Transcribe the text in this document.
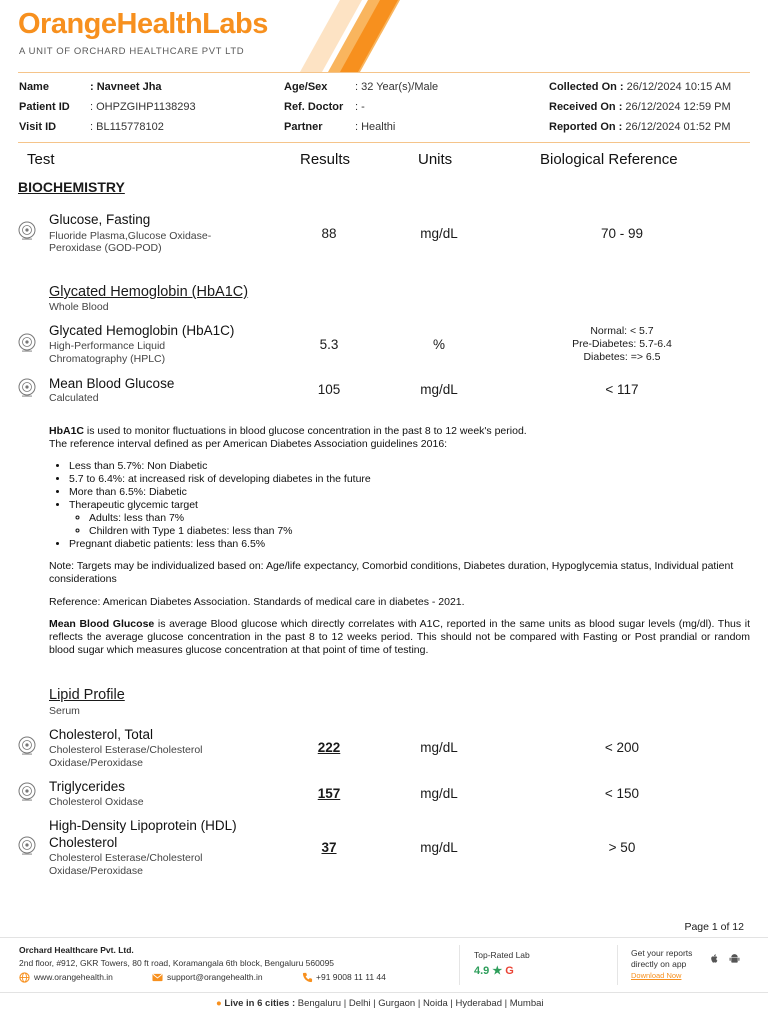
OrangeHealthLabs
A UNIT OF ORCHARD HEALTHCARE PVT LTD
Name	: Navneet Jha
Patient ID : OHPZGIHP1138293
Visit ID	: BL115778102
Age/Sex	: 32 Year(s)/Male
Ref. Doctor : -
Partner	: Healthi
Collected On : 26/12/2024 10:15 AM
Received On : 26/12/2024 12:59 PM
Reported On : 26/12/2024 01:52 PM
Test	Results	Units	Biological Reference
BIOCHEMISTRY
Glucose, Fasting
Fluoride Plasma,Glucose Oxidase-
Peroxidase (GOD-POD)
88	mg/dL	70 - 99
Glycated Hemoglobin (HbA1C)
Whole Blood
Glycated Hemoglobin (HbA1C)
High-Performance Liquid
Chromatography (HPLC)
5.3	%
Normal: < 5.7
Pre-Diabetes: 5.7-6.4
Diabetes: => 6.5
Mean Blood Glucose
Calculated
105	mg/dL	< 117
HbA1C is used to monitor fluctuations in blood glucose concentration in the past 8 to 12 week's period.
The reference interval defined as per American Diabetes Association guidelines 2016:
• Less than 5.7%: Non Diabetic
• 5.7 to 6.4%: at increased risk of developing diabetes in the future
• More than 6.5%: Diabetic
• Therapeutic glycemic target
◦ Adults: less than 7%
◦ Children with Type 1 diabetes: less than 7%
• Pregnant diabetic patients: less than 6.5%
Note: Targets may be individualized based on: Age/life expectancy, Comorbid conditions, Diabetes duration, Hypoglycemia status, Individual patient considerations
Reference: American Diabetes Association. Standards of medical care in diabetes - 2021.
Mean Blood Glucose is average Blood glucose which directly correlates with A1C, reported in the same units as blood sugar levels (mg/dl). Thus it reflects the average glucose concentration in the past 8 to 12 weeks period. This should not be compared with Fasting or Post prandial or random blood sugar which measures glucose concentration at that point of time of testing.
Lipid Profile
Serum
Cholesterol, Total
Cholesterol Esterase/Cholesterol
Oxidase/Peroxidase
222	mg/dL	< 200
Triglycerides
Cholesterol Oxidase
157	mg/dL	< 150
High-Density Lipoprotein (HDL)
Cholesterol
Cholesterol Esterase/Cholesterol
Oxidase/Peroxidase
37	mg/dL	> 50
Page 1 of 12
Orchard Healthcare Pvt. Ltd.
2nd floor, #912, GKR Towers, 80 ft road, Koramangala 6th block, Bengaluru 560095
www.orangehealth.in	support@orangehealth.in	+91 9008 11 11 44
Top-Rated Lab
4.9 ★ G
Get your reports
directly on app
Download Now
● Live in 6 cities : Bengaluru | Delhi | Gurgaon | Noida | Hyderabad | Mumbai
